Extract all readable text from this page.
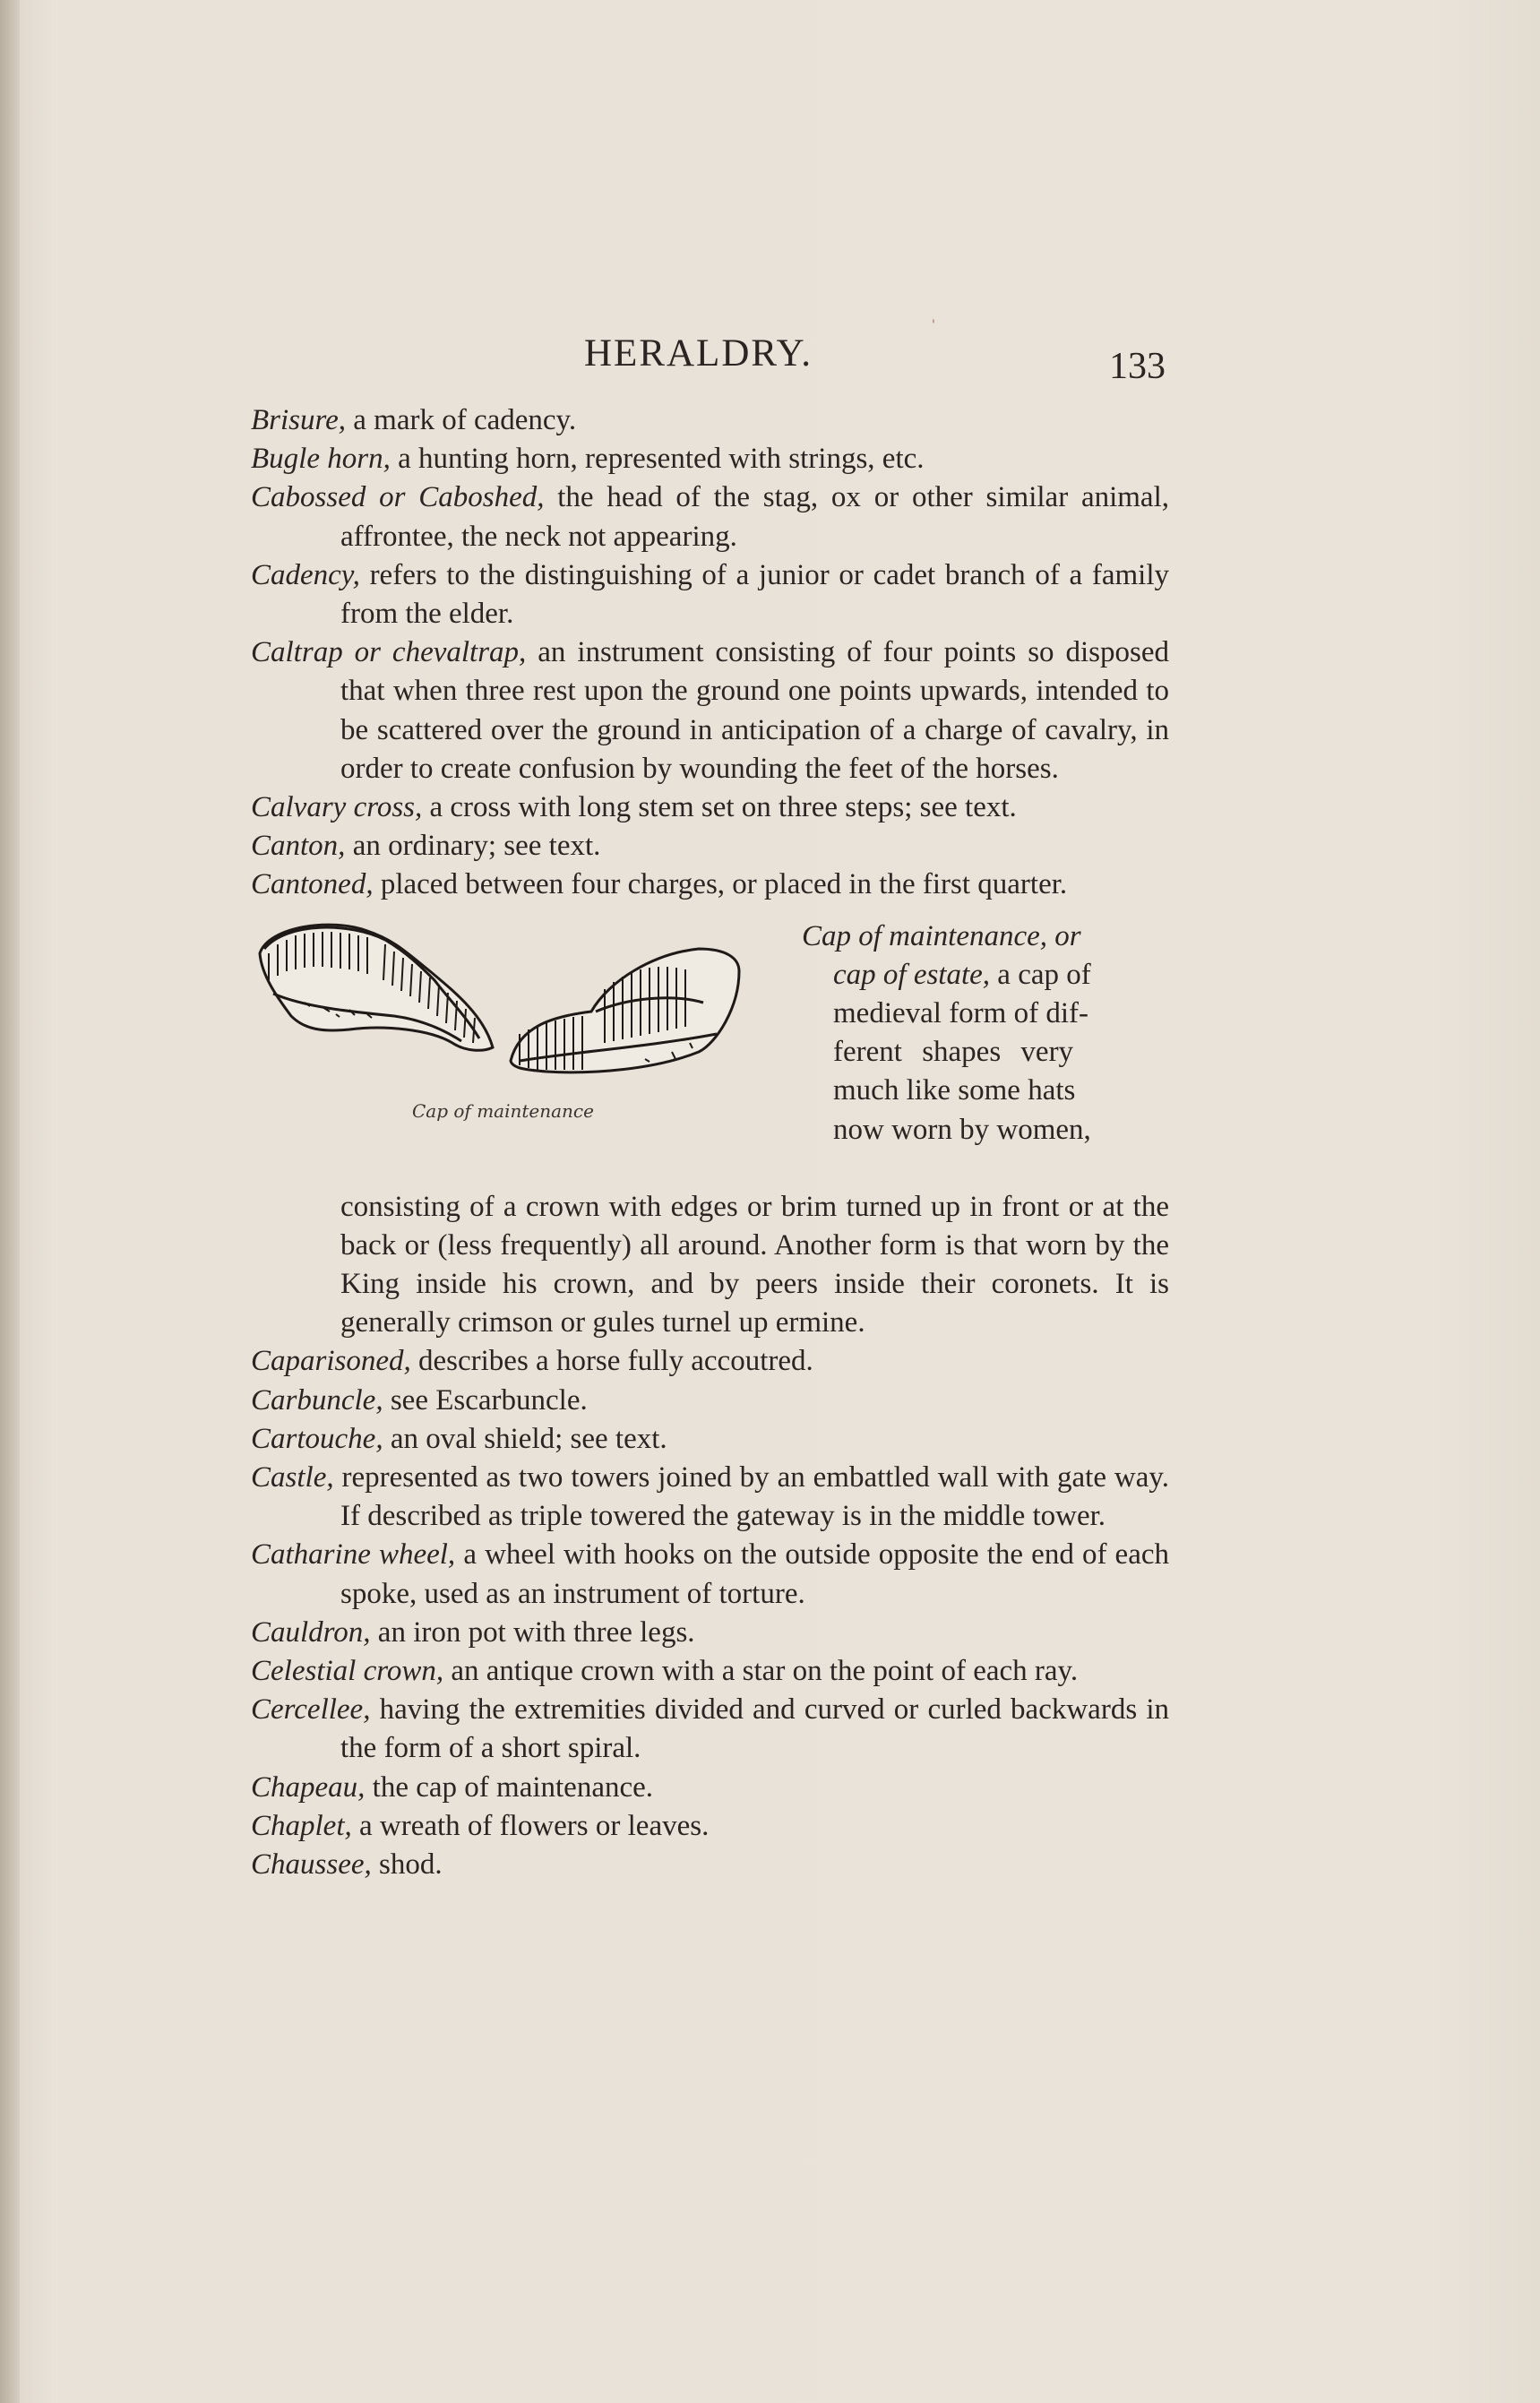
'
HERALDRY.	133

Brisure, a mark of cadency.

Bugle horn, a hunting horn, represented with strings, etc.

Cabossed or Caboshed, the head of the stag, ox or other similar animal, affrontee, the neck not appearing.

Cadency, refers to the distinguishing of a junior or cadet branch of a family from the elder.

Caltrap or chevaltrap, an instrument consisting of four points so disposed that when three rest upon the ground one points upwards, intended to be scattered over the ground in anticipation of a charge of cavalry, in order to create confusion by wounding the feet of the horses.

Calvary cross, a cross with long stem set on three steps; see text.

Canton, an ordinary; see text.

Cantoned, placed between four charges, or placed in the first quarter.

Cap of maintenance

Cap of maintenance, or

cap of estate, a cap of

medieval form of dif-

ferent shapes very

much like some hats

now worn by women,

consisting of a crown with edges or brim turned up in front or at the back or (less frequently) all around. Another form is that worn by the King inside his crown, and by peers inside their coronets. It is generally crimson or gules turnel up ermine.

Caparisoned, describes a horse fully accoutred.

Carbuncle, see Escarbuncle.

Cartouche, an oval shield; see text.

Castle, represented as two towers joined by an embattled wall with gate way. If described as triple towered the gateway is in the middle tower.

Catharine wheel, a wheel with hooks on the outside opposite the end of each spoke, used as an instrument of torture.

Cauldron, an iron pot with three legs.

Celestial crown, an antique crown with a star on the point of each ray.

Cercellee, having the extremities divided and curved or curled backwards in the form of a short spiral.

Chapeau, the cap of maintenance.

Chaplet, a wreath of flowers or leaves.

Chaussee, shod.
